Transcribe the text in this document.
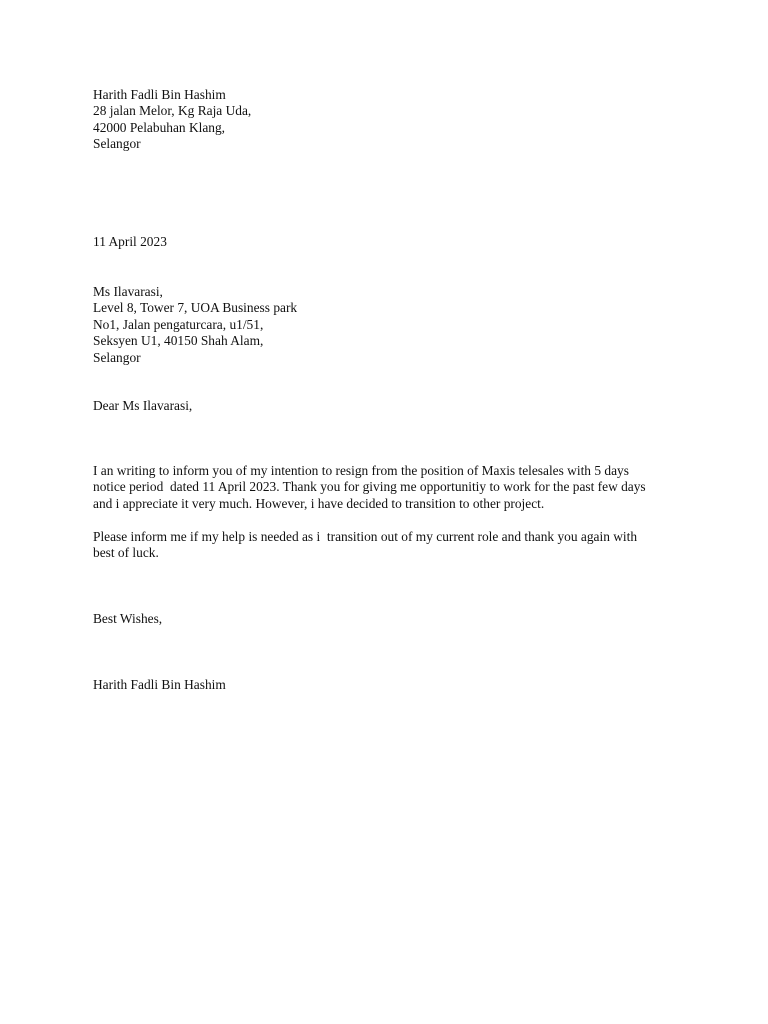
Harith Fadli Bin Hashim
28 jalan Melor, Kg Raja Uda,
42000 Pelabuhan Klang,
Selangor
11 April 2023
Ms Ilavarasi,
Level 8, Tower 7, UOA Business park
No1, Jalan pengaturcara, u1/51,
Seksyen U1, 40150 Shah Alam,
Selangor
Dear Ms Ilavarasi,
I an writing to inform you of my intention to resign from the position of Maxis telesales with 5 days
notice period  dated 11 April 2023. Thank you for giving me opportunitiy to work for the past few days
and i appreciate it very much. However, i have decided to transition to other project.
Please inform me if my help is needed as i  transition out of my current role and thank you again with
best of luck.
Best Wishes,
Harith Fadli Bin Hashim
